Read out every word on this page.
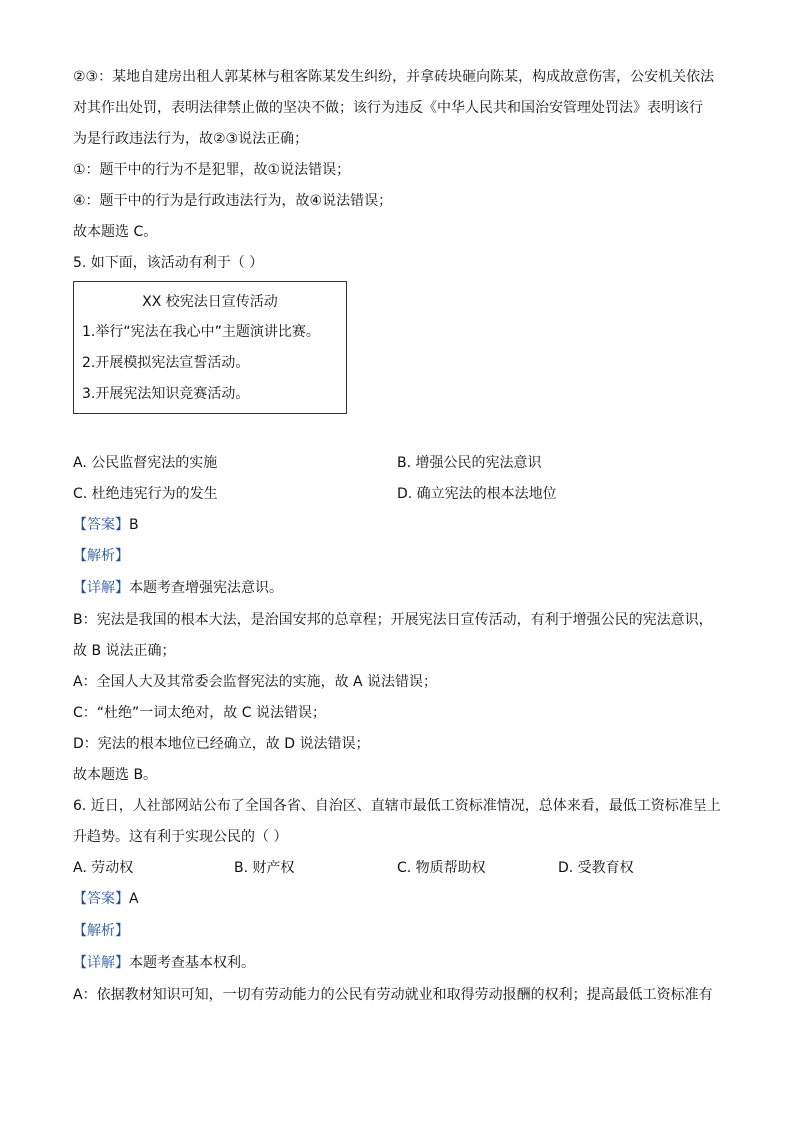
②③：某地自建房出租人郭某林与租客陈某发生纠纷，并拿砖块砸向陈某，构成故意伤害，公安机关依法
对其作出处罚，表明法律禁止做的坚决不做；该行为违反《中华人民共和国治安管理处罚法》表明该行
为是行政违法行为，故②③说法正确；
①：题干中的行为不是犯罪，故①说法错误；
④：题干中的行为是行政违法行为，故④说法错误；
故本题选 C。
5. 如下面，该活动有利于（ ）
XX 校宪法日宣传活动
1.举行“宪法在我心中”主题演讲比赛。
2.开展模拟宪法宣誓活动。
3.开展宪法知识竞赛活动。
A. 公民监督宪法的实施	B. 增强公民的宪法意识
C. 杜绝违宪行为的发生	D. 确立宪法的根本法地位
【答案】B
【解析】
【详解】本题考查增强宪法意识。
B：宪法是我国的根本大法，是治国安邦的总章程；开展宪法日宣传活动，有利于增强公民的宪法意识，
故 B 说法正确；
A：全国人大及其常委会监督宪法的实施，故 A 说法错误；
C：“杜绝”一词太绝对，故 C 说法错误；
D：宪法的根本地位已经确立，故 D 说法错误；
故本题选 B。
6. 近日，人社部网站公布了全国各省、自治区、直辖市最低工资标准情况，总体来看，最低工资标准呈上
升趋势。这有利于实现公民的（ ）
A. 劳动权	B. 财产权	C. 物质帮助权	D. 受教育权
【答案】A
【解析】
【详解】本题考查基本权利。
A：依据教材知识可知，一切有劳动能力的公民有劳动就业和取得劳动报酬的权利；提高最低工资标准有
